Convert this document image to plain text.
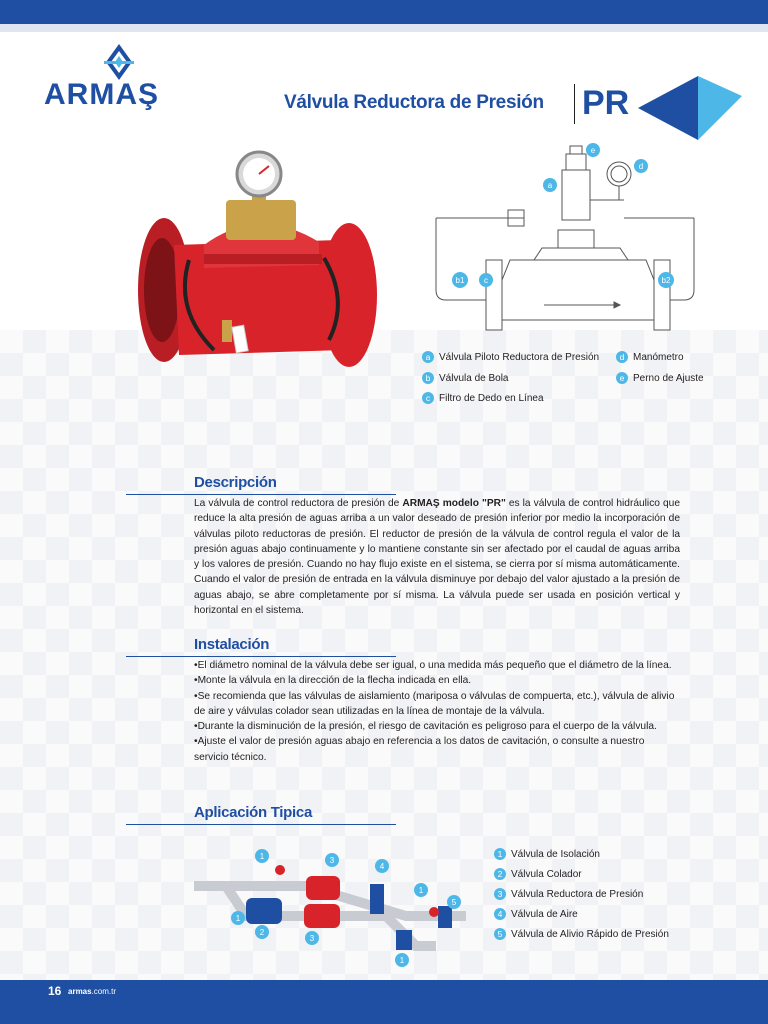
ARMAŞ	Válvula Reductora de Presión PR
e
d
a
b1 c	b2
a Válvula Piloto Reductora de Presión
b Válvula de Bola
c Filtro de Dedo en Línea
d Manómetro
e Perno de Ajuste
Descripción
La válvula de control reductora de presión de ARMAŞ modelo "PR" es la válvula de control hidráulico que reduce la alta presión de aguas arriba a un valor deseado de presión inferior por medio la incorporación de válvulas piloto reductoras de presión. El reductor de presión de la válvula de control regula el valor de la presión aguas abajo continuamente y lo mantiene constante sin ser afectado por el caudal de aguas arriba y los valores de presión. Cuando no hay flujo existe en el sistema, se cierra por sí misma automáticamente. Cuando el valor de presión de entrada en la válvula disminuye por debajo del valor ajustado a la presión de aguas abajo, se abre completamente por sí misma. La válvula puede ser usada en posición vertical y horizontal en el sistema.
Instalación

•El diámetro nominal de la válvula debe ser igual, o una medida más pequeño que el diámetro de la línea.

•Monte la válvula en la dirección de la flecha indicada en ella.

•Se recomienda que las válvulas de aislamiento (mariposa o válvulas de compuerta, etc.), válvula de alivio de aire y válvulas colador sean utilizadas en la línea de montaje de la válvula.

•Durante la disminución de la presión, el riesgo de cavitación es peligroso para el cuerpo de la válvula.

•Ajuste el valor de presión aguas abajo en referencia a los datos de cavitación, o consulte a nuestro servicio técnico.

Aplicación Tipica
1	3
4
1
5
1
2
3
1
1 Válvula de Isolación
2 Válvula Colador
3 Válvula Reductora de Presión
4 Válvula de Aire
5 Válvula de Alivio Rápido de Presión
16 armas.com.tr
